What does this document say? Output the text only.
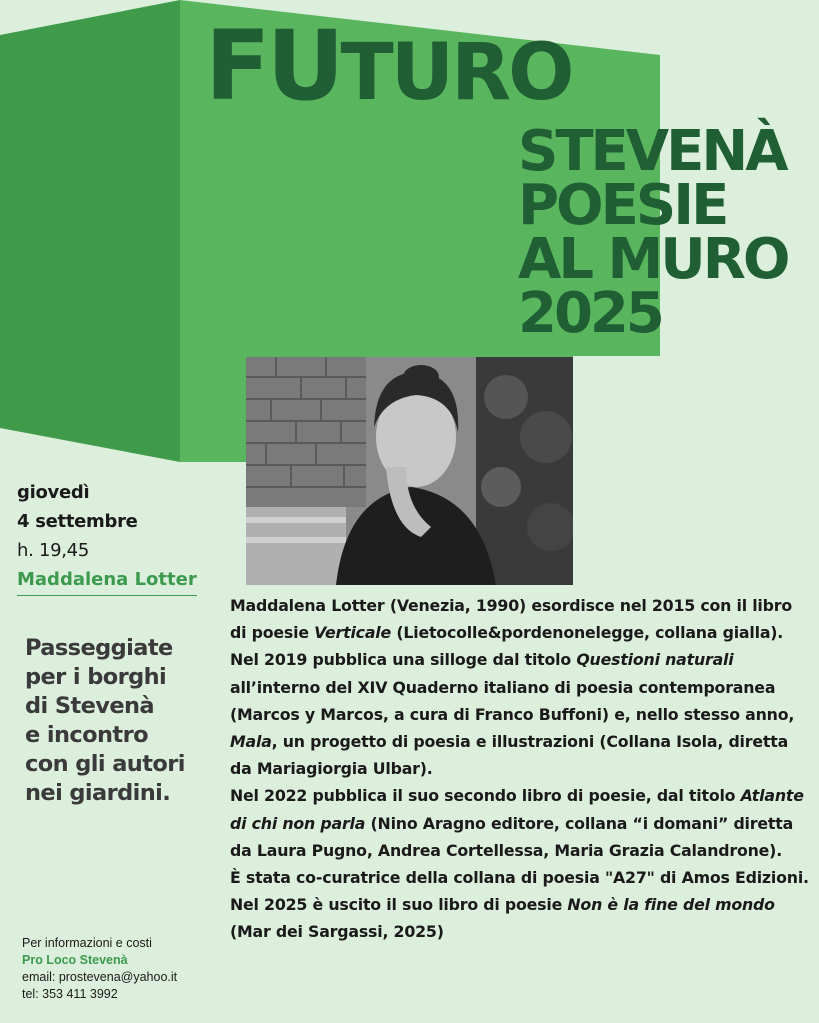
FUTURO
STEVENÀ
POESIE
AL MURO
2025
giovedì
4 settembre
h. 19,45
Maddalena Lotter
Passeggiate
per i borghi
di Stevenà
e incontro
con gli autori
nei giardini.
Per informazioni e costi
Pro Loco Stevenà
email: prostevena@yahoo.it
tel: 353 411 3992

Maddalena Lotter (Venezia, 1990) esordisce nel 2015 con il libro di poesie Verticale (Lietocolle&pordenonelegge, collana gialla). Nel 2019 pubblica una silloge dal titolo Questioni naturali all’interno del XIV Quaderno italiano di poesia contemporanea (Marcos y Marcos, a cura di Franco Buffoni) e, nello stesso anno, Mala, un progetto di poesia e illustrazioni (Collana Isola, diretta da Mariagiorgia Ulbar).

Nel 2022 pubblica il suo secondo libro di poesie, dal titolo Atlante di chi non parla (Nino Aragno editore, collana “i domani” diretta da Laura Pugno, Andrea Cortellessa, Maria Grazia Calandrone).

È stata co-curatrice della collana di poesia "A27" di Amos Edizioni. Nel 2025 è uscito il suo libro di poesie Non è la fine del mondo (Mar dei Sargassi, 2025)
